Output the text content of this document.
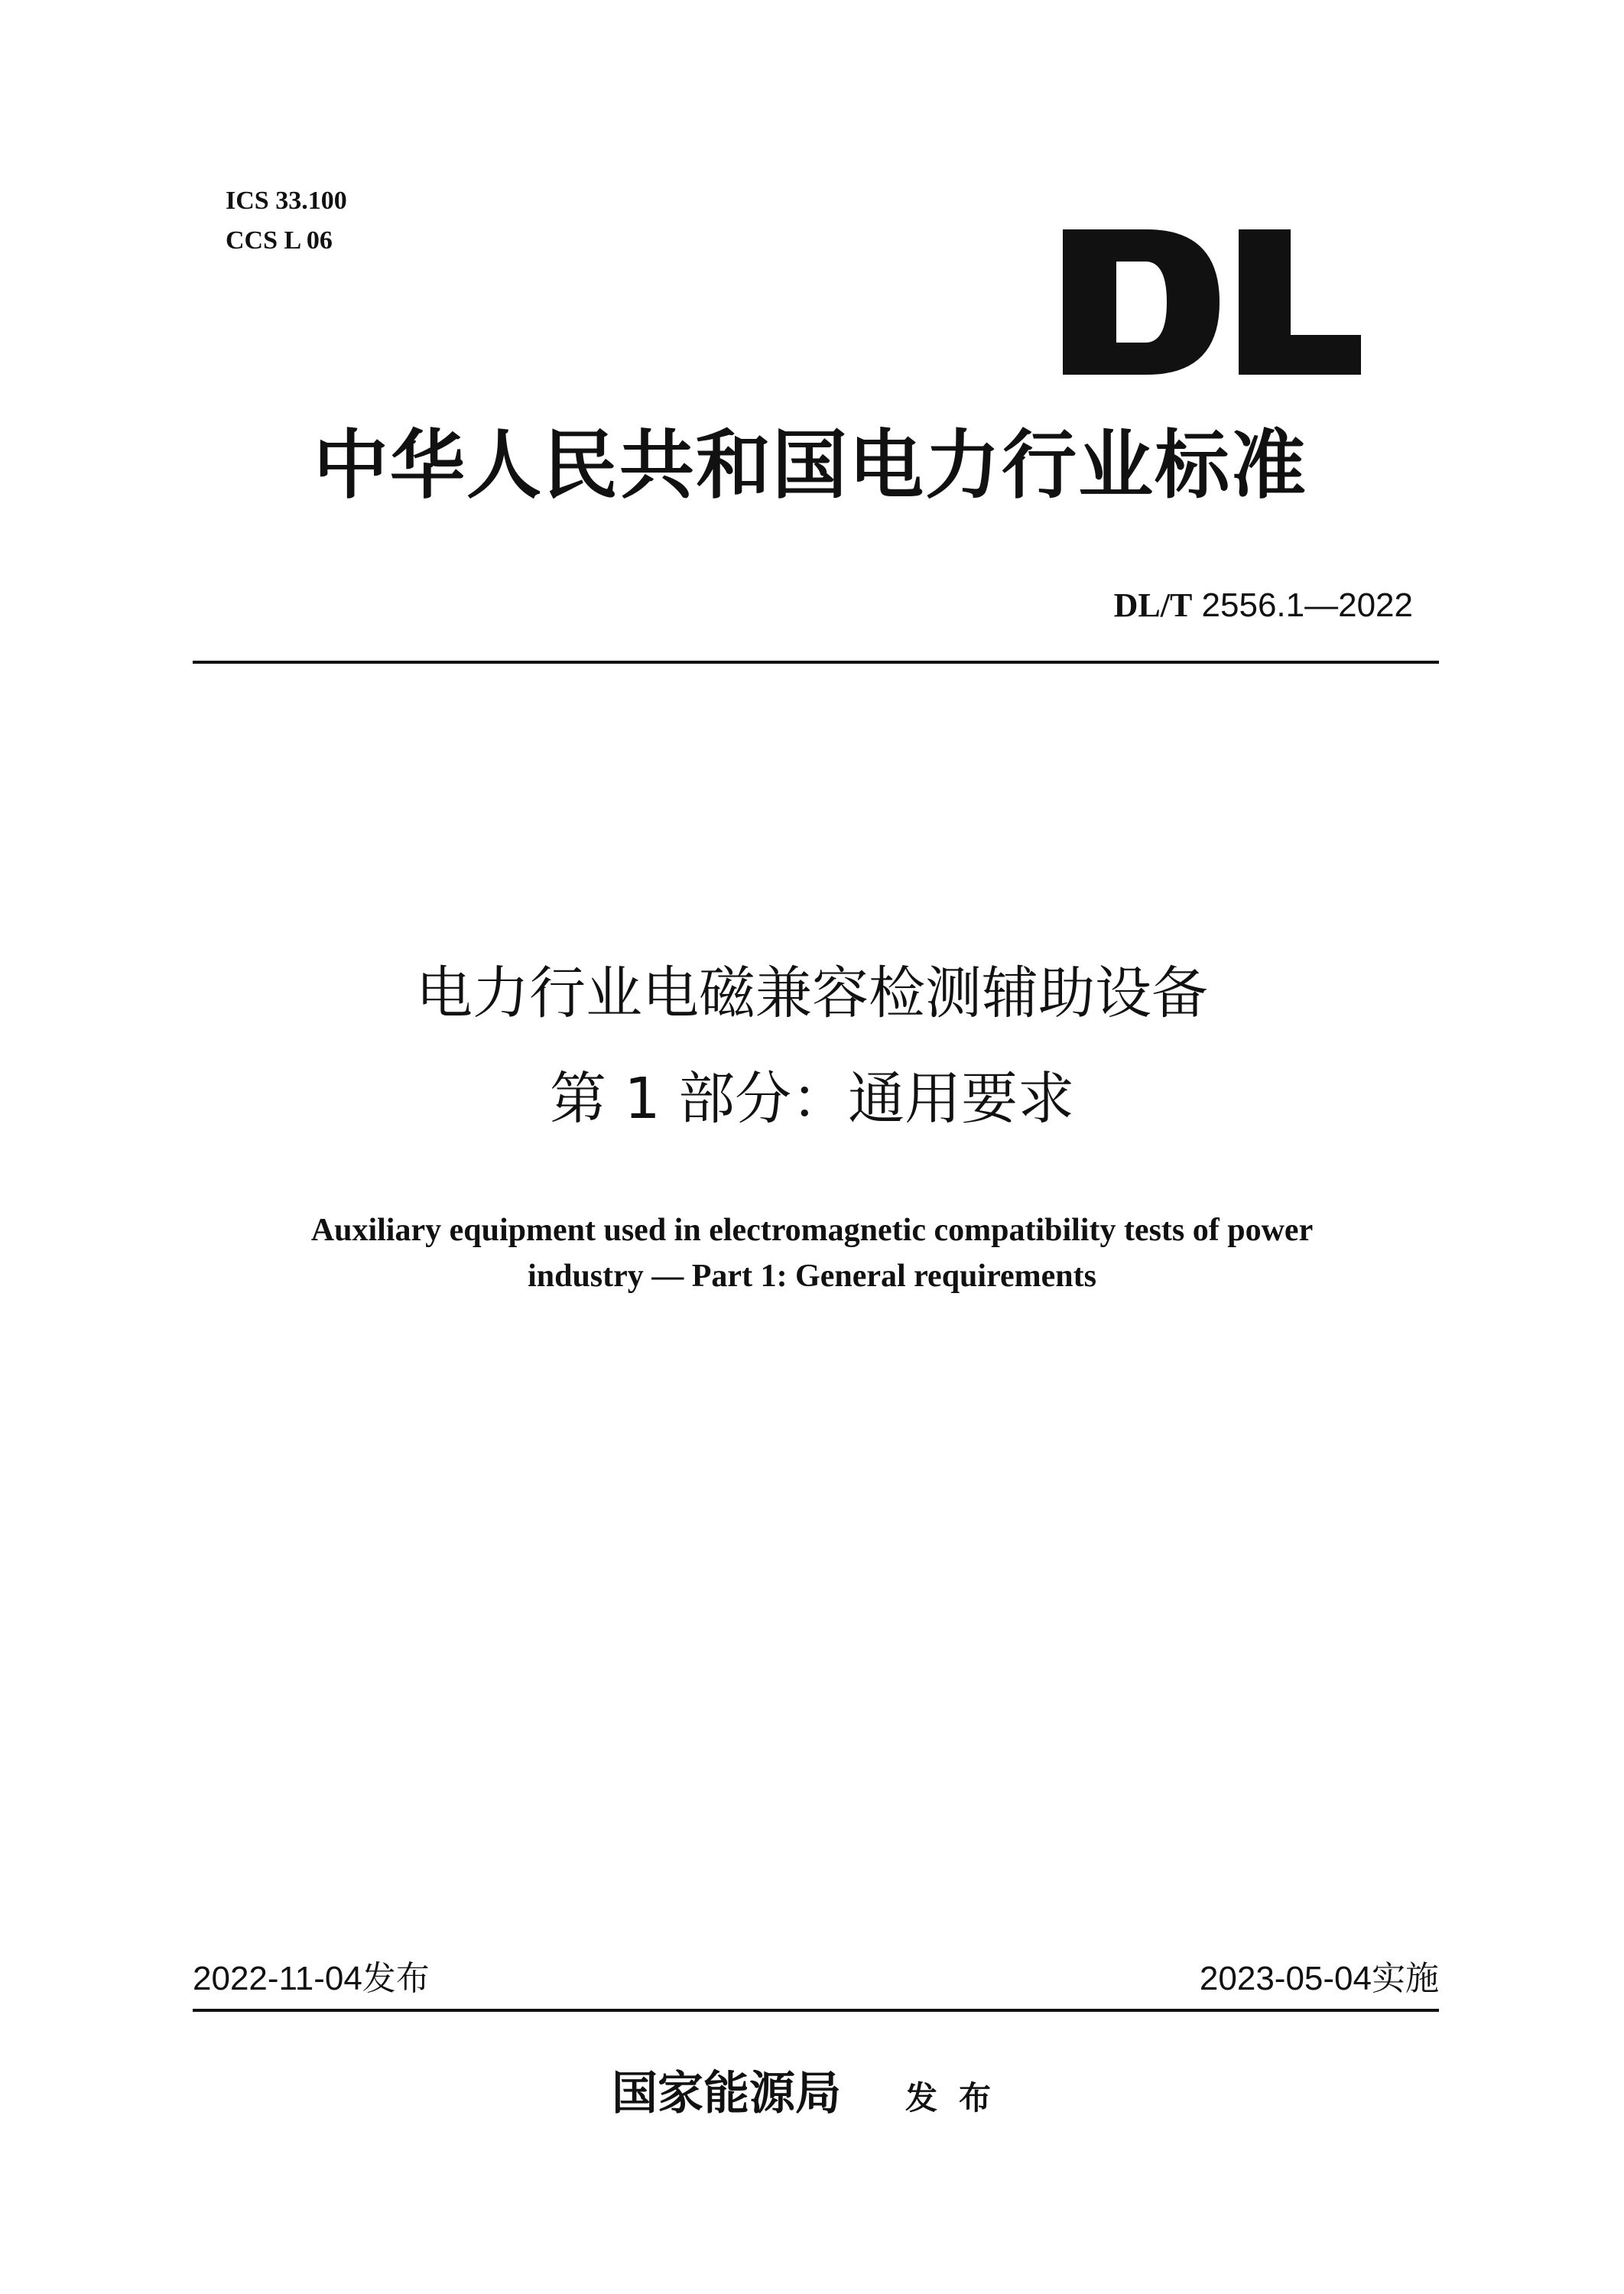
ICS 33.100
CCS L 06
中华人民共和国电力行业标准
DL/T 2556.1—2022
电力行业电磁兼容检测辅助设备
第 1 部分：通用要求
Auxiliary equipment used in electromagnetic compatibility tests of power
industry — Part 1: General requirements
2022-11-04发布	2023-05-04实施
国家能源局 发布
